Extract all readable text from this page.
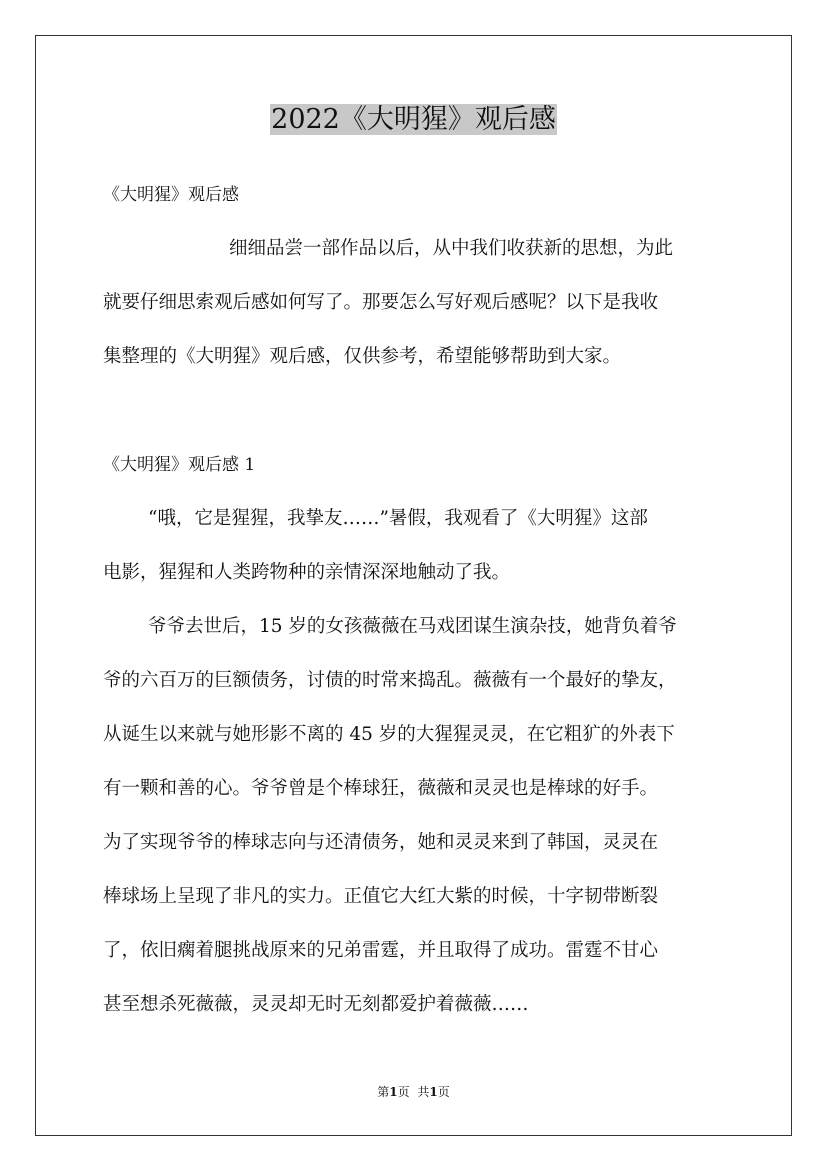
2022《大明猩》观后感
《大明猩》观后感
细细品尝一部作品以后，从中我们收获新的思想，为此
就要仔细思索观后感如何写了。那要怎么写好观后感呢？以下是我收
集整理的《大明猩》观后感，仅供参考，希望能够帮助到大家。
《大明猩》观后感 1
“哦，它是猩猩，我挚友……”暑假，我观看了《大明猩》这部
电影，猩猩和人类跨物种的亲情深深地触动了我。
爷爷去世后，15 岁的女孩薇薇在马戏团谋生演杂技，她背负着爷
爷的六百万的巨额债务，讨债的时常来捣乱。薇薇有一个最好的挚友，
从诞生以来就与她形影不离的 45 岁的大猩猩灵灵，在它粗犷的外表下
有一颗和善的心。爷爷曾是个棒球狂，薇薇和灵灵也是棒球的好手。
为了实现爷爷的棒球志向与还清债务，她和灵灵来到了韩国，灵灵在
棒球场上呈现了非凡的实力。正值它大红大紫的时候，十字韧带断裂
了，依旧瘸着腿挑战原来的兄弟雷霆，并且取得了成功。雷霆不甘心
甚至想杀死薇薇，灵灵却无时无刻都爱护着薇薇……
第1页 共1页
